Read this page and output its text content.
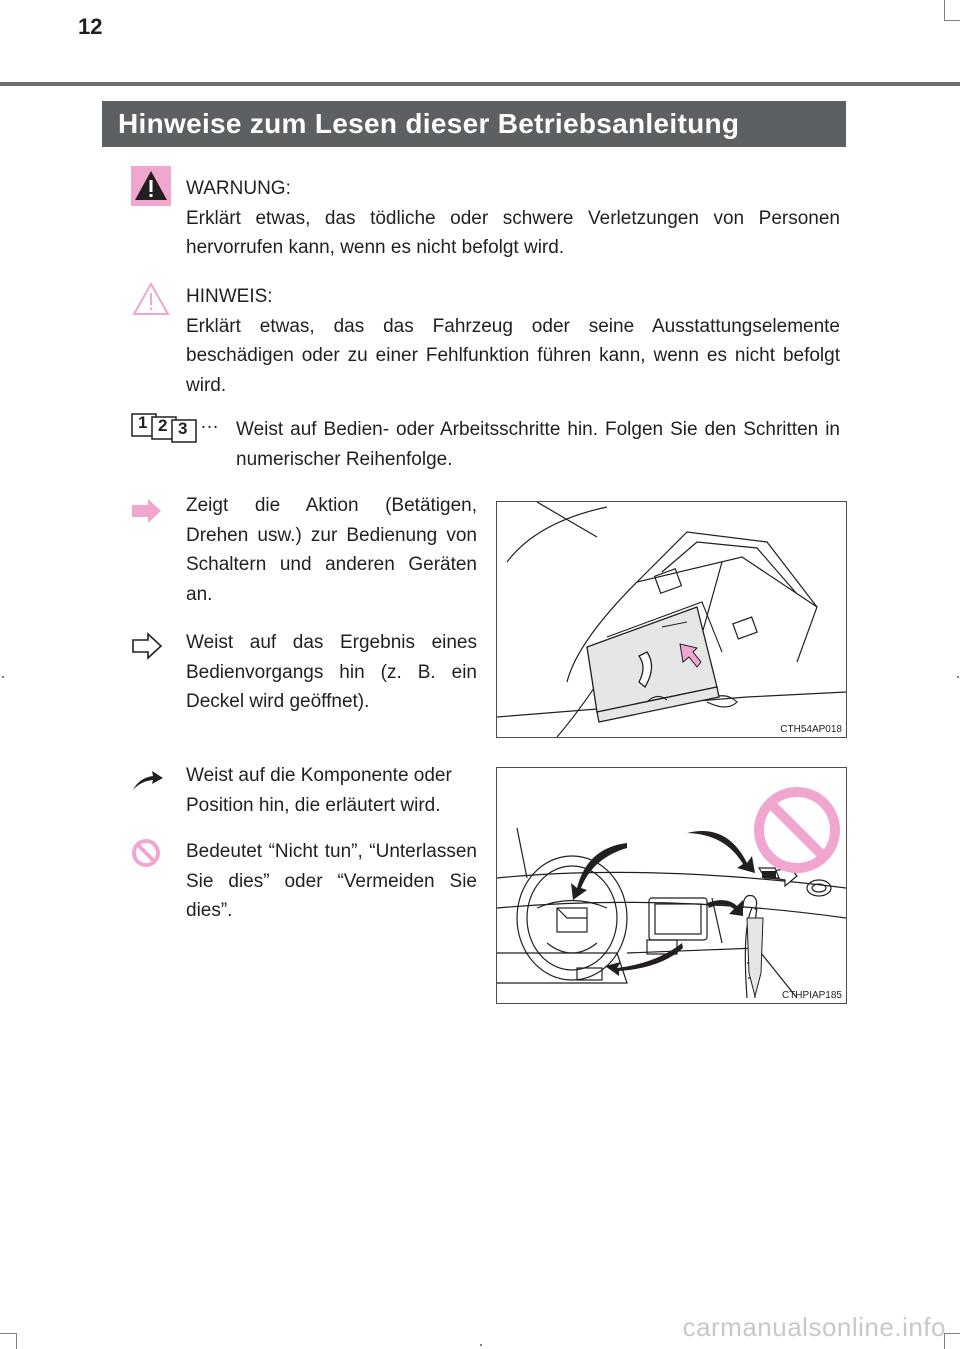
12
Hinweise zum Lesen dieser Betriebsanleitung
WARNUNG:
Erklärt etwas, das tödliche oder schwere Verletzungen von Personen hervorrufen kann, wenn es nicht befolgt wird.
HINWEIS:
Erklärt etwas, das das Fahrzeug oder seine Ausstattungselemente beschädigen oder zu einer Fehlfunktion führen kann, wenn es nicht befolgt wird.
1 2 3 … Weist auf Bedien- oder Arbeitsschritte hin. Folgen Sie den Schritten in numerischer Reihenfolge.
Zeigt die Aktion (Betätigen, Drehen usw.) zur Bedienung von Schaltern und anderen Geräten an.
Weist auf das Ergebnis eines Bedienvorgangs hin (z. B. ein Deckel wird geöffnet).
CTH54AP018
Weist auf die Komponente oder Position hin, die erläutert wird.
Bedeutet “Nicht tun”, “Unterlassen Sie dies” oder “Vermeiden Sie dies”.
CTHPIAP185
carmanualsonline.info
